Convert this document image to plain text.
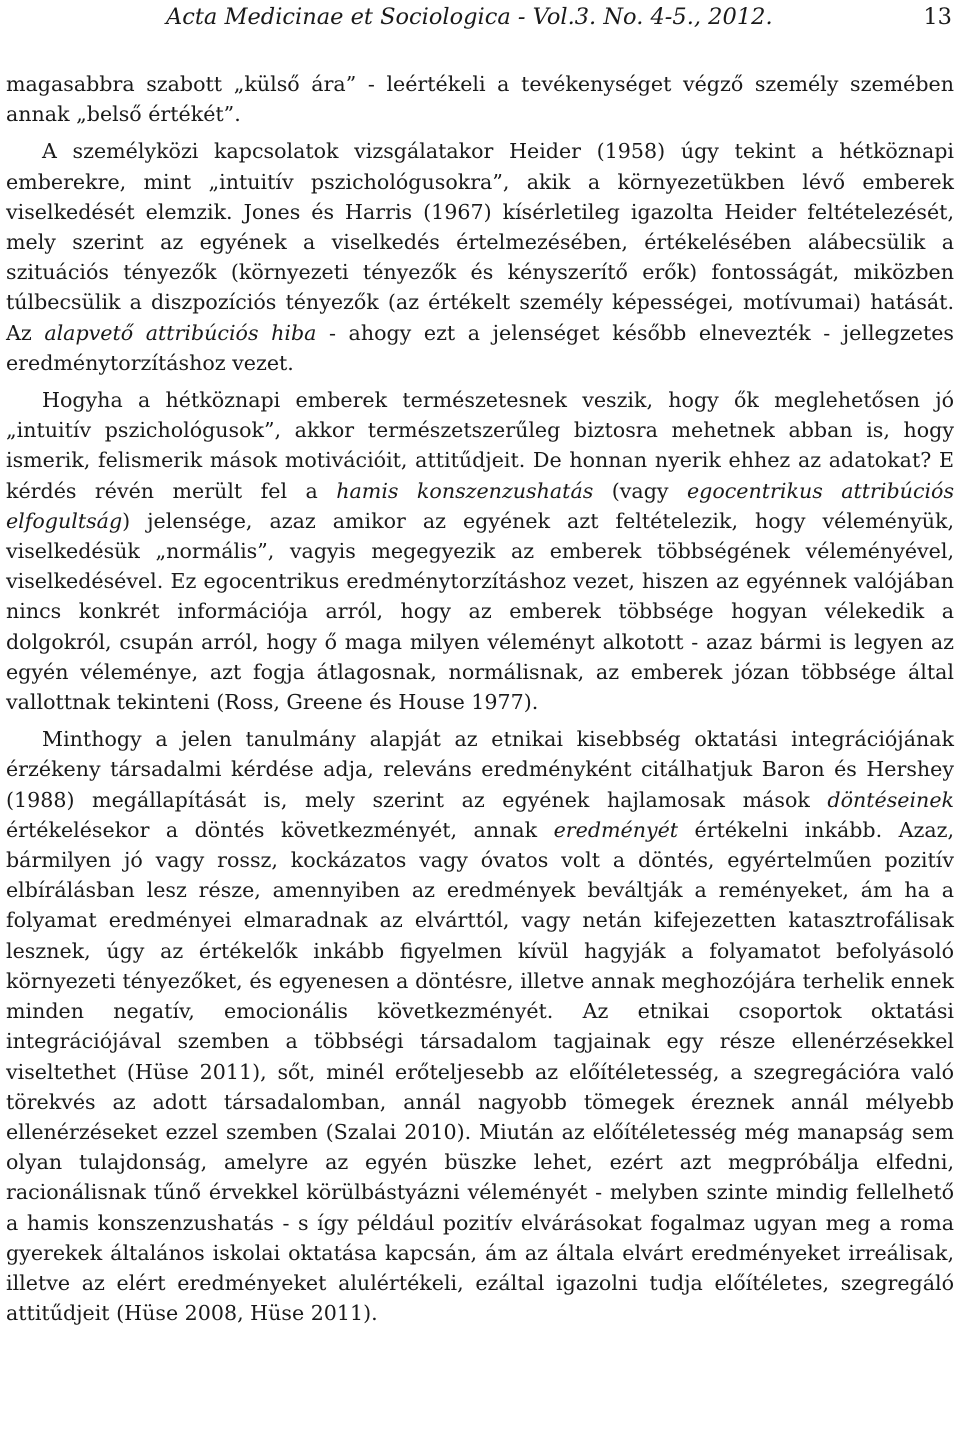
Acta Medicinae et Sociologica - Vol.3. No. 4-5., 2012.	13

magasabbra szabott „külső ára” - leértékeli a tevékenységet végző személy szemében annak „belső értékét”.

A személyközi kapcsolatok vizsgálatakor Heider (1958) úgy tekint a hétköznapi emberekre, mint „intuitív pszichológusokra”, akik a környezetükben lévő emberek viselkedését elemzik. Jones és Harris (1967) kísérletileg igazolta Heider feltételezését, mely szerint az egyének a viselkedés értelmezésében, értékelésében alábecsülik a szituációs tényezők (környezeti tényezők és kényszerítő erők) fontosságát, miközben túlbecsülik a diszpozíciós tényezők (az értékelt személy képességei, motívumai) hatását. Az alapvető attribúciós hiba - ahogy ezt a jelenséget később elnevezték - jellegzetes eredménytorzításhoz vezet.

Hogyha a hétköznapi emberek természetesnek veszik, hogy ők meglehetősen jó „intuitív pszichológusok”, akkor természetszerűleg biztosra mehetnek abban is, hogy ismerik, felismerik mások motivációit, attitűdjeit. De honnan nyerik ehhez az adatokat? E kérdés révén merült fel a hamis konszenzushatás (vagy egocentrikus attribúciós elfogultság) jelensége, azaz amikor az egyének azt feltételezik, hogy véleményük, viselkedésük „normális”, vagyis megegyezik az emberek többségének véleményével, viselkedésével. Ez egocentrikus eredménytorzításhoz vezet, hiszen az egyénnek valójában nincs konkrét információja arról, hogy az emberek többsége hogyan vélekedik a dolgokról, csupán arról, hogy ő maga milyen véleményt alkotott - azaz bármi is legyen az egyén véleménye, azt fogja átlagosnak, normálisnak, az emberek józan többsége által vallottnak tekinteni (Ross, Greene és House 1977).

Minthogy a jelen tanulmány alapját az etnikai kisebbség oktatási integrációjának érzékeny társadalmi kérdése adja, releváns eredményként citálhatjuk Baron és Hershey (1988) megállapítását is, mely szerint az egyének hajlamosak mások döntéseinek értékelésekor a döntés következményét, annak eredményét értékelni inkább. Azaz, bármilyen jó vagy rossz, kockázatos vagy óvatos volt a döntés, egyértelműen pozitív elbírálásban lesz része, amennyiben az eredmények beváltják a reményeket, ám ha a folyamat eredményei elmaradnak az elvárttól, vagy netán kifejezetten katasztrofálisak lesznek, úgy az értékelők inkább figyelmen kívül hagyják a folyamatot befolyásoló környezeti tényezőket, és egyenesen a döntésre, illetve annak meghozójára terhelik ennek minden negatív, emocionális következményét. Az etnikai csoportok oktatási integrációjával szemben a többségi társadalom tagjainak egy része ellenérzésekkel viseltethet (Hüse 2011), sőt, minél erőteljesebb az előítéletesség, a szegregációra való törekvés az adott társadalomban, annál nagyobb tömegek éreznek annál mélyebb ellenérzéseket ezzel szemben (Szalai 2010). Miután az előítéletesség még manapság sem olyan tulajdonság, amelyre az egyén büszke lehet, ezért azt megpróbálja elfedni, racionálisnak tűnő érvekkel körülbástyázni véleményét - melyben szinte mindig fellelhető a hamis konszenzushatás - s így például pozitív elvárásokat fogalmaz ugyan meg a roma gyerekek általános iskolai oktatása kapcsán, ám az általa elvárt eredményeket irreálisak, illetve az elért eredményeket alulértékeli, ezáltal igazolni tudja előítéletes, szegregáló attitűdjeit (Hüse 2008, Hüse 2011).
